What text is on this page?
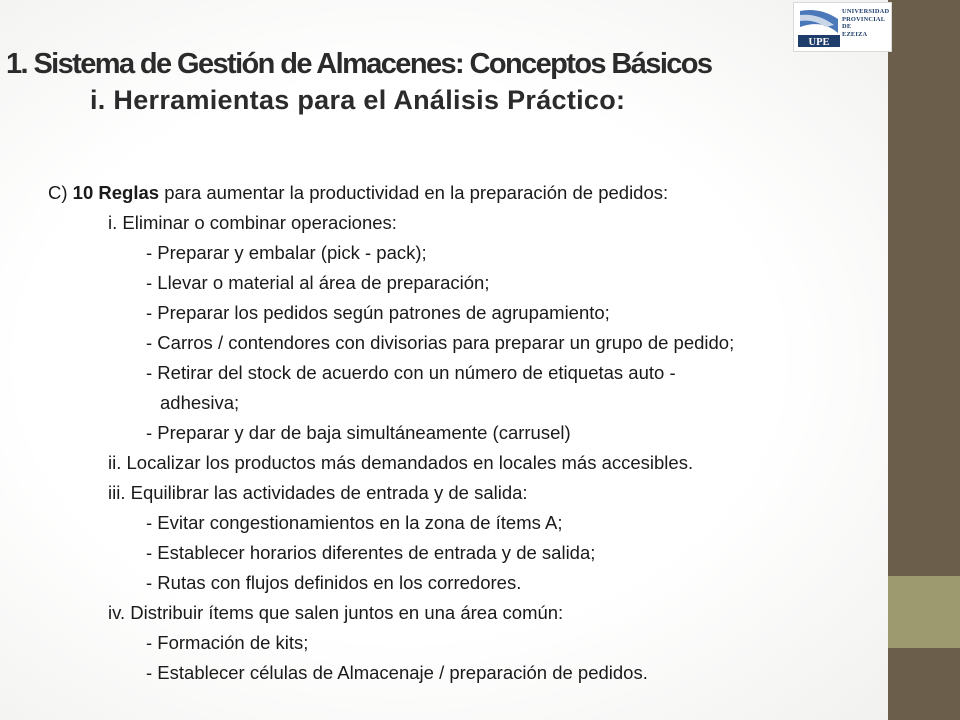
UPE
UNIVERSIDAD
PROVINCIAL
DE
EZEIZA
1. Sistema de Gestión de Almacenes: Conceptos Básicos
i. Herramientas para el Análisis Práctico:
C) 10 Reglas para aumentar la productividad en la preparación de pedidos:
i. Eliminar o combinar operaciones:
- Preparar y embalar (pick - pack);
- Llevar o material al área de preparación;
- Preparar los pedidos según patrones de agrupamiento;
- Carros / contendores con divisorias para preparar un grupo de pedido;
- Retirar del stock de acuerdo con un número de etiquetas auto -
adhesiva;
- Preparar y dar de baja simultáneamente (carrusel)
ii. Localizar los productos más demandados en locales más accesibles.
iii. Equilibrar las actividades de entrada y de salida:
- Evitar congestionamientos en la zona de ítems A;
- Establecer horarios diferentes de entrada y de salida;
- Rutas con flujos definidos en los corredores.
iv. Distribuir ítems que salen juntos en una área común:
- Formación de kits;
- Establecer células de Almacenaje / preparación de pedidos.
